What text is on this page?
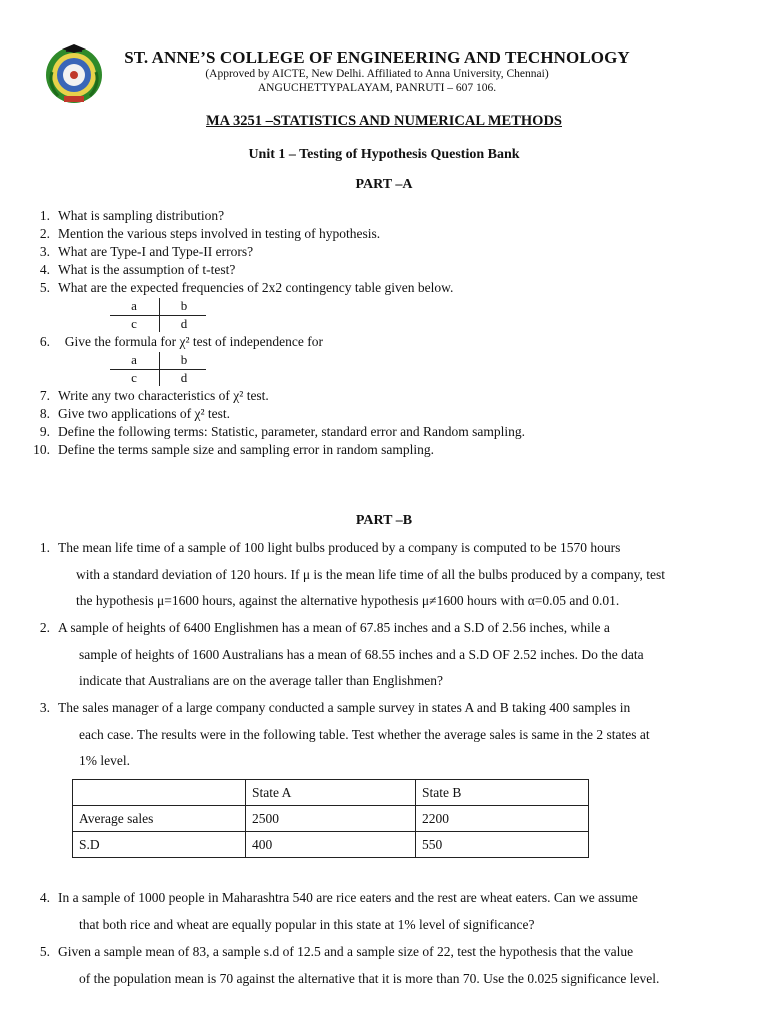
ST. ANNE’S COLLEGE OF ENGINEERING AND TECHNOLOGY
(Approved by AICTE, New Delhi. Affiliated to Anna University, Chennai)
ANGUCHETTYPALAYAM, PANRUTI – 607 106.
MA 3251 –STATISTICS AND NUMERICAL METHODS
Unit 1 – Testing of Hypothesis Question Bank
PART –A
1. What is sampling distribution?
2. Mention the various steps involved in testing of hypothesis.
3. What are Type-I and Type-II errors?
4. What is the assumption of t-test?
5. What are the expected frequencies of 2x2 contingency table given below.
a	b
c	d
6. Give the formula for χ² test of independence for
a	b
c	d
7. Write any two characteristics of χ² test.
8. Give two applications of χ² test.
9. Define the following terms: Statistic, parameter, standard error and Random sampling.
10. Define the terms sample size and sampling error in random sampling.
PART –B
1. The mean life time of a sample of 100 light bulbs produced by a company is computed to be 1570 hours
with a standard deviation of 120 hours. If μ is the mean life time of all the bulbs produced by a company, test
the hypothesis μ=1600 hours, against the alternative hypothesis μ≠1600 hours with α=0.05 and 0.01.
2. A sample of heights of 6400 Englishmen has a mean of 67.85 inches and a S.D of 2.56 inches, while a
sample of heights of 1600 Australians has a mean of 68.55 inches and a S.D OF 2.52 inches. Do the data
indicate that Australians are on the average taller than Englishmen?
3. The sales manager of a large company conducted a sample survey in states A and B taking 400 samples in
each case. The results were in the following table. Test whether the average sales is same in the 2 states at
1% level.
	State A	State B
Average sales	2500	2200
S.D	400	550
4. In a sample of 1000 people in Maharashtra 540 are rice eaters and the rest are wheat eaters. Can we assume
that both rice and wheat are equally popular in this state at 1% level of significance?
5. Given a sample mean of 83, a sample s.d of 12.5 and a sample size of 22, test the hypothesis that the value
of the population mean is 70 against the alternative that it is more than 70. Use the 0.025 significance level.
